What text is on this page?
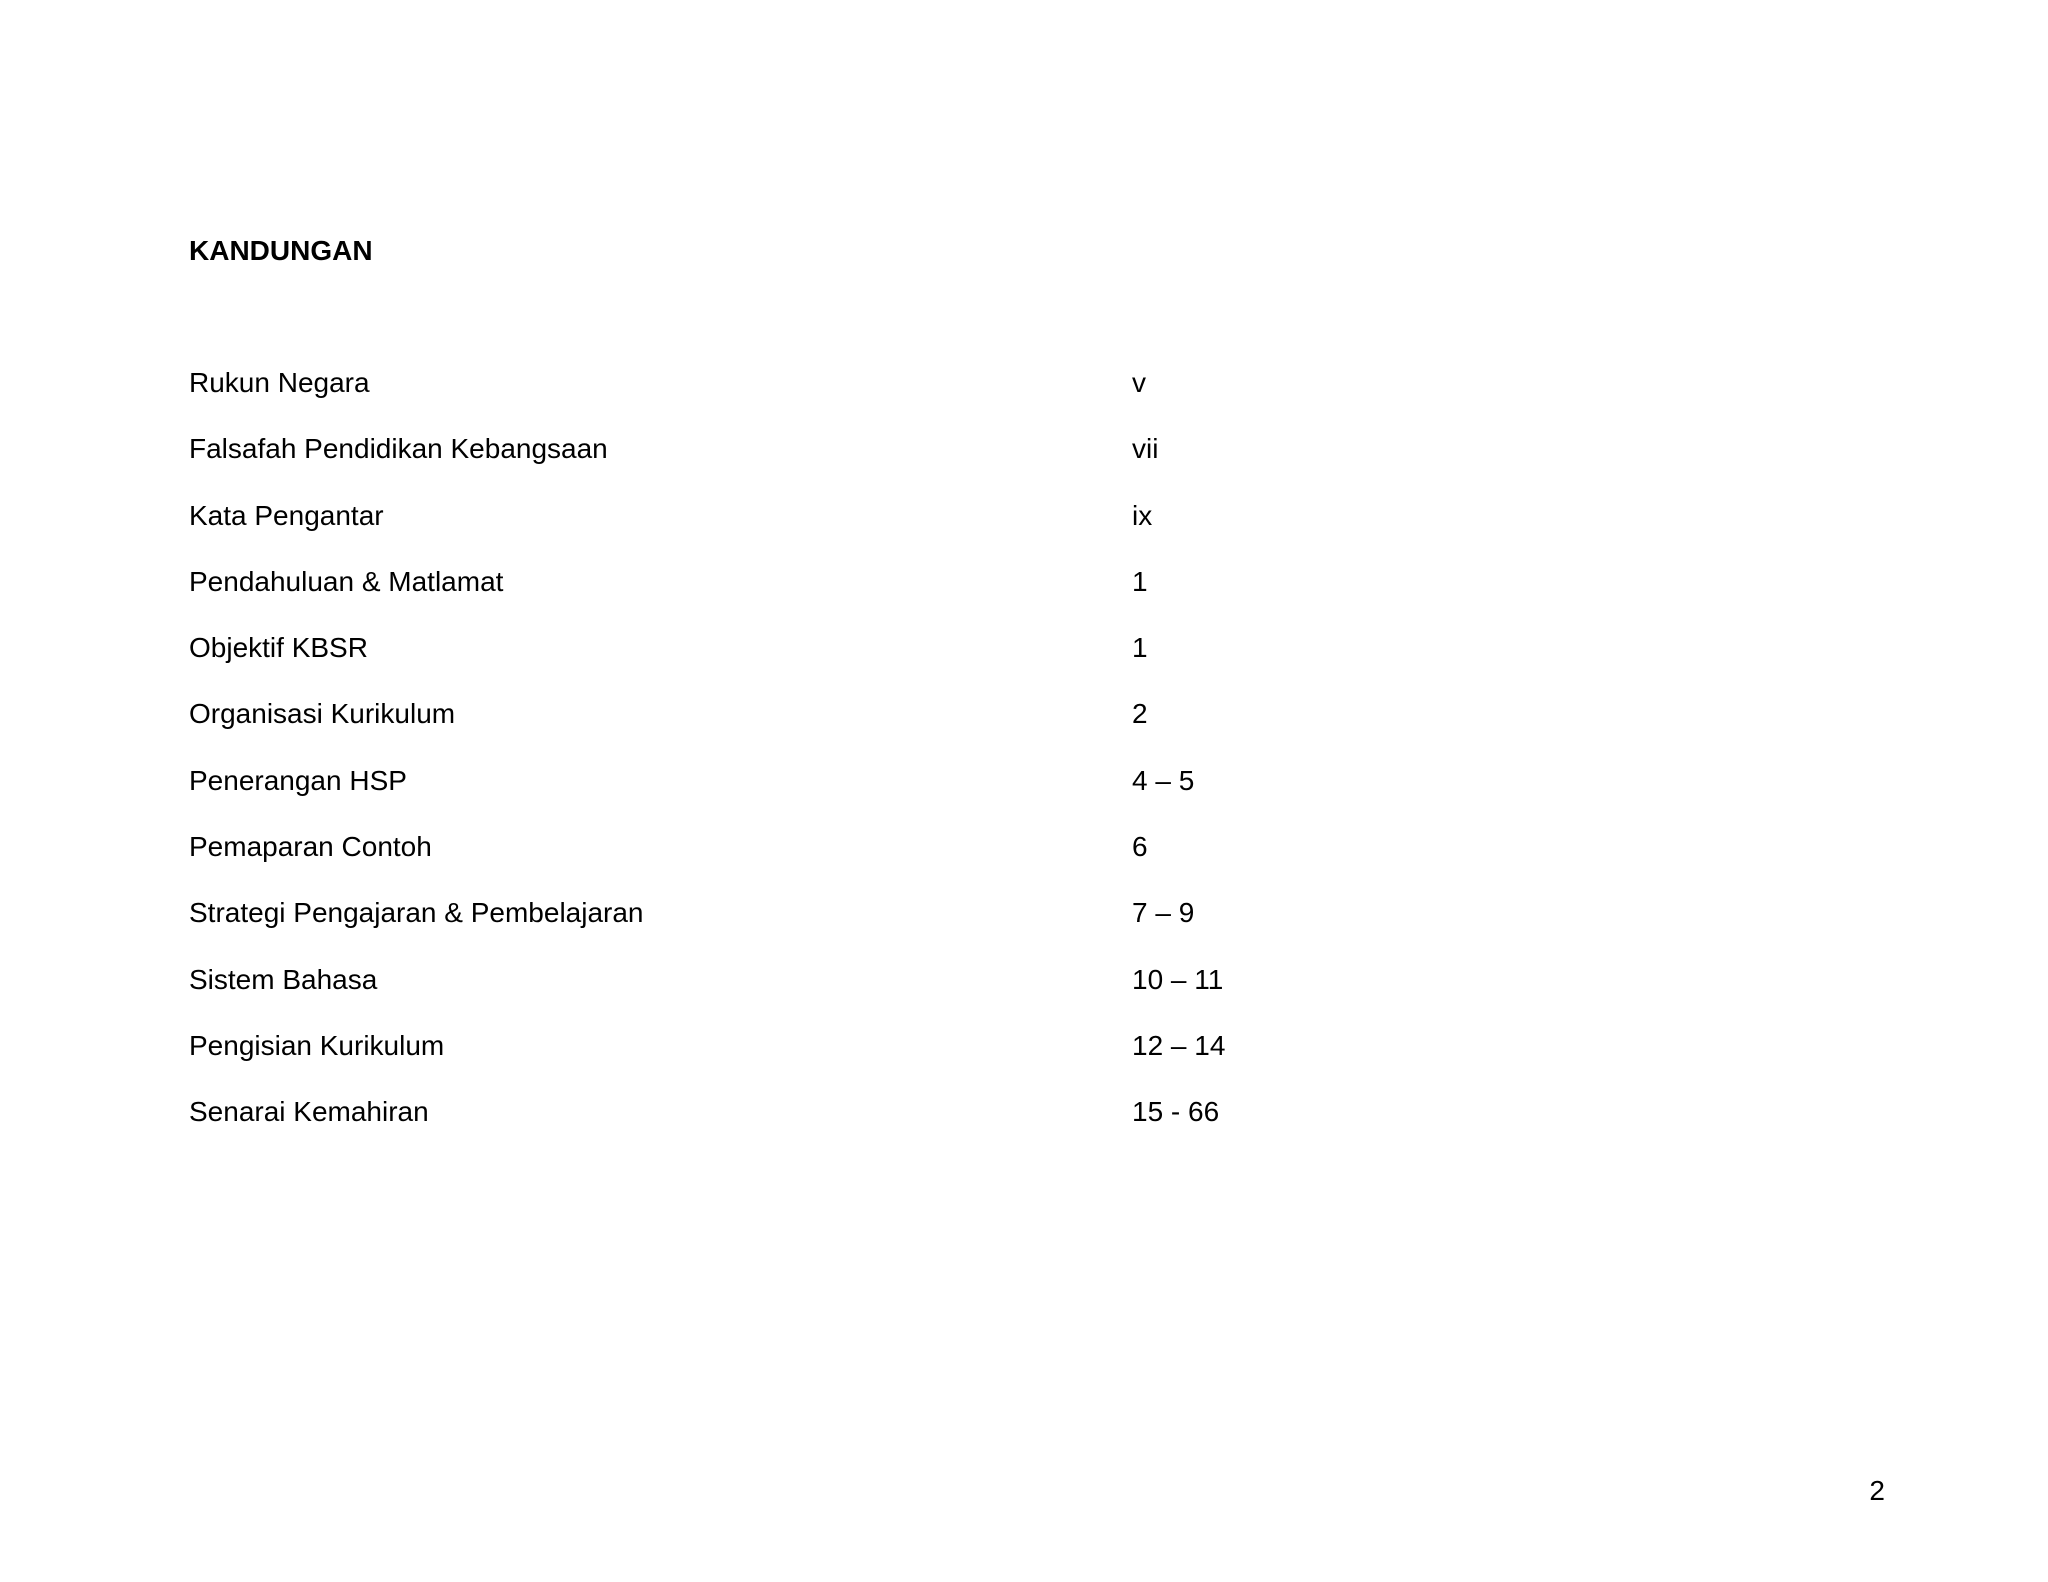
KANDUNGAN
Rukun Negara	v
Falsafah Pendidikan Kebangsaan	vii
Kata Pengantar	ix
Pendahuluan & Matlamat	1
Objektif KBSR	1
Organisasi Kurikulum	2
Penerangan HSP	4 – 5
Pemaparan Contoh	6
Strategi Pengajaran & Pembelajaran	7 – 9
Sistem Bahasa	10 – 11
Pengisian Kurikulum	12 – 14
Senarai Kemahiran	15 - 66
2
